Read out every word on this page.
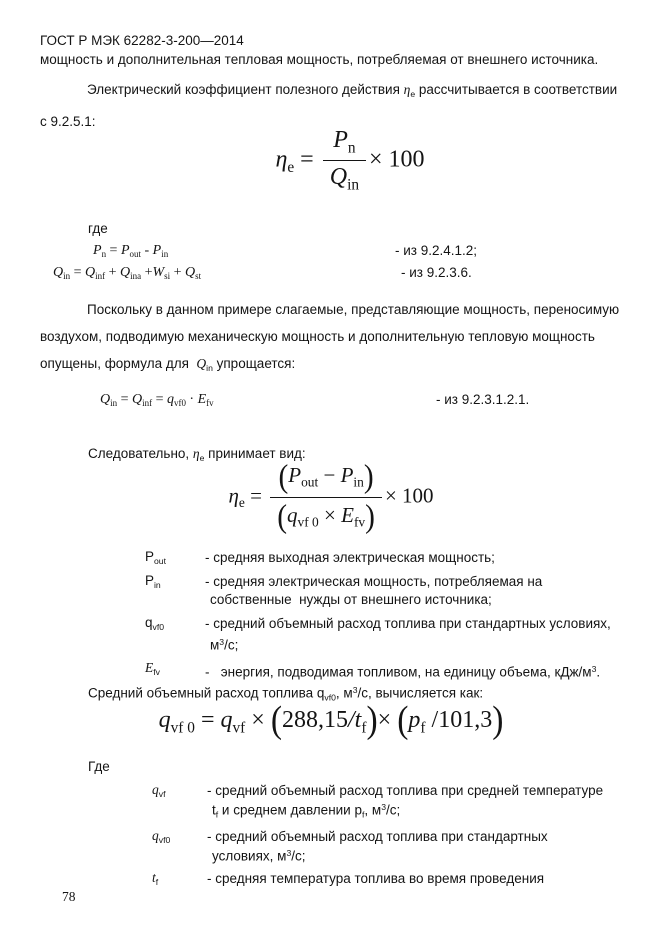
ГОСТ Р МЭК 62282-3-200—2014
мощность и дополнительная тепловая мощность, потребляемая от внешнего источника.
Электрический коэффициент полезного действия $\eta_е$ рассчитывается в соответствии
с 9.2.5.1:
$\eta_е = \frac{P_n}{Q_{in}} \times 100$
где
$P_n = P_{out} - P_{in}$	- из 9.2.4.1.2;
$Q_{in} = Q_{inf} + Q_{ina} +W_{si} + Q_{st}$	- из 9.2.3.6.
Поскольку в данном примере слагаемые, представляющие мощность, переносимую
воздухом, подводимую механическую мощность и дополнительную тепловую мощность
опущены, формула для  $Q_{in}$ упрощается:
$Q_{in} = Q_{inf} = q_{vf0} \cdot E_{fv}$	- из 9.2.3.1.2.1.
Следовательно, $\eta_е$ принимает вид:
$\eta_е = \frac{(P_{out} - P_{in})}{(q_{vf 0} \times E_{fv})} \times 100$
$P_{out}$	- средняя выходная электрическая мощность;
$P_{in}$	- средняя электрическая мощность, потребляемая на
собственные  нужды от внешнего источника;
$q_{vf0}$	- средний объемный расход топлива при стандартных условиях,
$м^3/с$;
$E_{fv}$	-   энергия, подводимая топливом, на единицу объема, кДж/$м^3$.
Средний объемный расход топлива $q_{vf0}$, $м^3/с$, вычисляется как:
$q_{vf 0} = q_{vf} \times (288,15/t_f)\times (p_f$ /101,3)
Где
$q_{vf}$	- средний объемный расход топлива при средней температуре
$t_f$ и среднем давлении $p_f$, $м^3/с$;
$q_{vf0}$	- средний объемный расход топлива при стандартных
условиях, $м^3/с$;
$t_f$	- средняя температура топлива во время проведения
78
